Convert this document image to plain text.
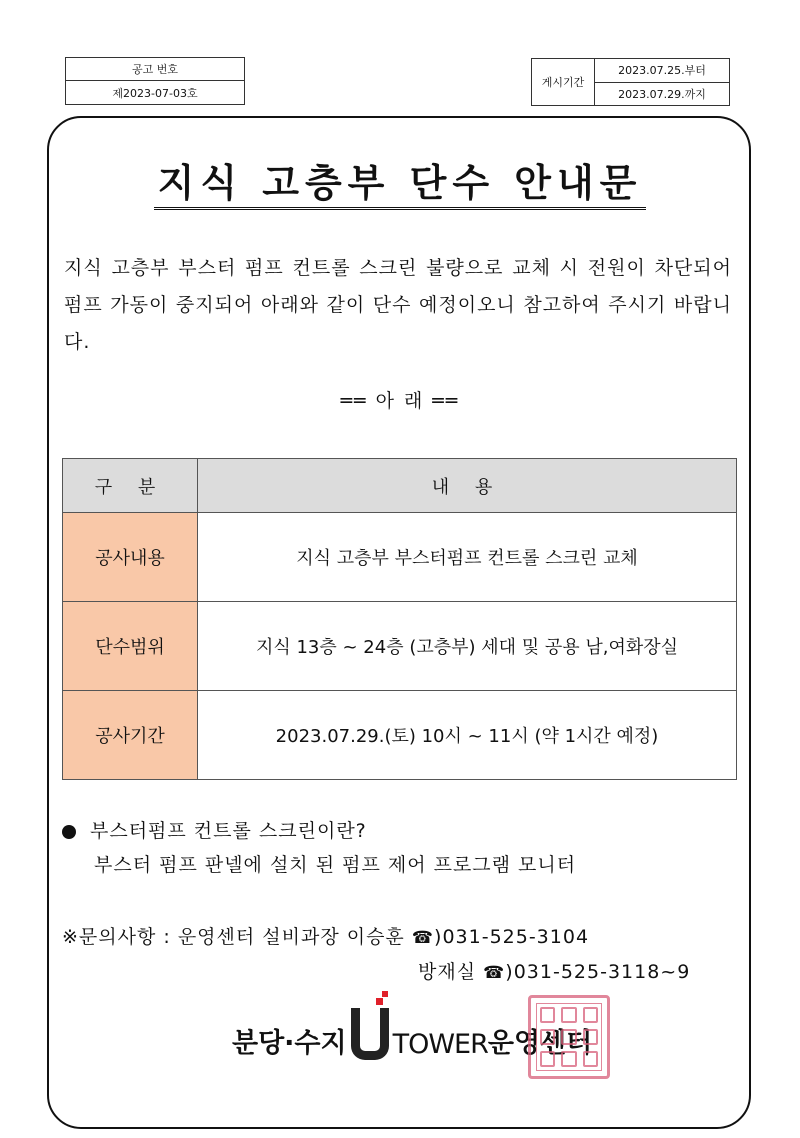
공고 번호
제2023-07-03호
게시기간
2023.07.25.부터
2023.07.29.까지
지식 고층부 단수 안내문
지식 고층부 부스터 펌프 컨트롤 스크린 불량으로 교체 시 전원이 차단되어 펌프 가동이 중지되어 아래와 같이 단수 예정이오니 참고하여 주시기 바랍니다.
══ 아 래 ══
구 분	내 용
공사내용	지식 고층부 부스터펌프 컨트롤 스크린 교체
단수범위	지식 13층 ~ 24층 (고층부) 세대 및 공용 남,여화장실
공사기간	2023.07.29.(토) 10시 ~ 11시 (약 1시간 예정)
부스터펌프 컨트롤 스크린이란?
부스터 펌프 판넬에 설치 된 펌프 제어 프로그램 모니터
※문의사항 : 운영센터 설비과장 이승훈 ☎)031-525-3104
방재실 ☎)031-525-3118~9
분당·수지 TOWER 운영센터
